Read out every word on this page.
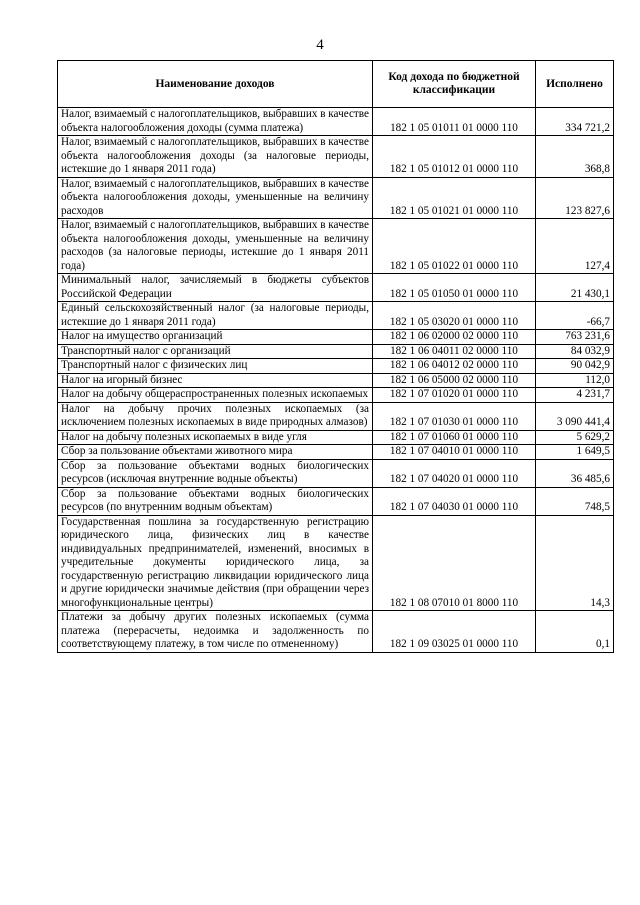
4
Наименование доходов	Код дохода по бюджетной классификации	Исполнено
Налог, взимаемый с налогоплательщиков, выбравших в качестве объекта налогообложения доходы (сумма платежа)	182 1 05 01011 01 0000 110	334 721,2
Налог, взимаемый с налогоплательщиков, выбравших в качестве объекта налогообложения доходы (за налоговые периоды, истекшие до 1 января 2011 года)	182 1 05 01012 01 0000 110	368,8
Налог, взимаемый с налогоплательщиков, выбравших в качестве объекта налогообложения доходы, уменьшенные на величину расходов	182 1 05 01021 01 0000 110	123 827,6
Налог, взимаемый с налогоплательщиков, выбравших в качестве объекта налогообложения доходы, уменьшенные на величину расходов (за налоговые периоды, истекшие до 1 января 2011 года)	182 1 05 01022 01 0000 110	127,4
Минимальный налог, зачисляемый в бюджеты субъектов Российской Федерации	182 1 05 01050 01 0000 110	21 430,1
Единый сельскохозяйственный налог (за налоговые периоды, истекшие до 1 января 2011 года)	182 1 05 03020 01 0000 110	-66,7
Налог на имущество организаций	182 1 06 02000 02 0000 110	763 231,6
Транспортный налог с организаций	182 1 06 04011 02 0000 110	84 032,9
Транспортный налог с физических лиц	182 1 06 04012 02 0000 110	90 042,9
Налог на игорный бизнес	182 1 06 05000 02 0000 110	112,0
Налог на добычу общераспространенных полезных ископаемых	182 1 07 01020 01 0000 110	4 231,7
Налог на добычу прочих полезных ископаемых (за исключением полезных ископаемых в виде природных алмазов)	182 1 07 01030 01 0000 110	3 090 441,4
Налог на добычу полезных ископаемых в виде угля	182 1 07 01060 01 0000 110	5 629,2
Сбор за пользование объектами животного мира	182 1 07 04010 01 0000 110	1 649,5
Сбор за пользование объектами водных биологических ресурсов (исключая внутренние водные объекты)	182 1 07 04020 01 0000 110	36 485,6
Сбор за пользование объектами водных биологических ресурсов (по внутренним водным объектам)	182 1 07 04030 01 0000 110	748,5
Государственная пошлина за государственную регистрацию юридического лица, физических лиц в качестве индивидуальных предпринимателей, изменений, вносимых в учредительные документы юридического лица, за государственную регистрацию ликвидации юридического лица и другие юридически значимые действия (при обращении через многофункциональные центры)	182 1 08 07010 01 8000 110	14,3
Платежи за добычу других полезных ископаемых (сумма платежа (перерасчеты, недоимка и задолженность по соответствующему платежу, в том числе по отмененному)	182 1 09 03025 01 0000 110	0,1
